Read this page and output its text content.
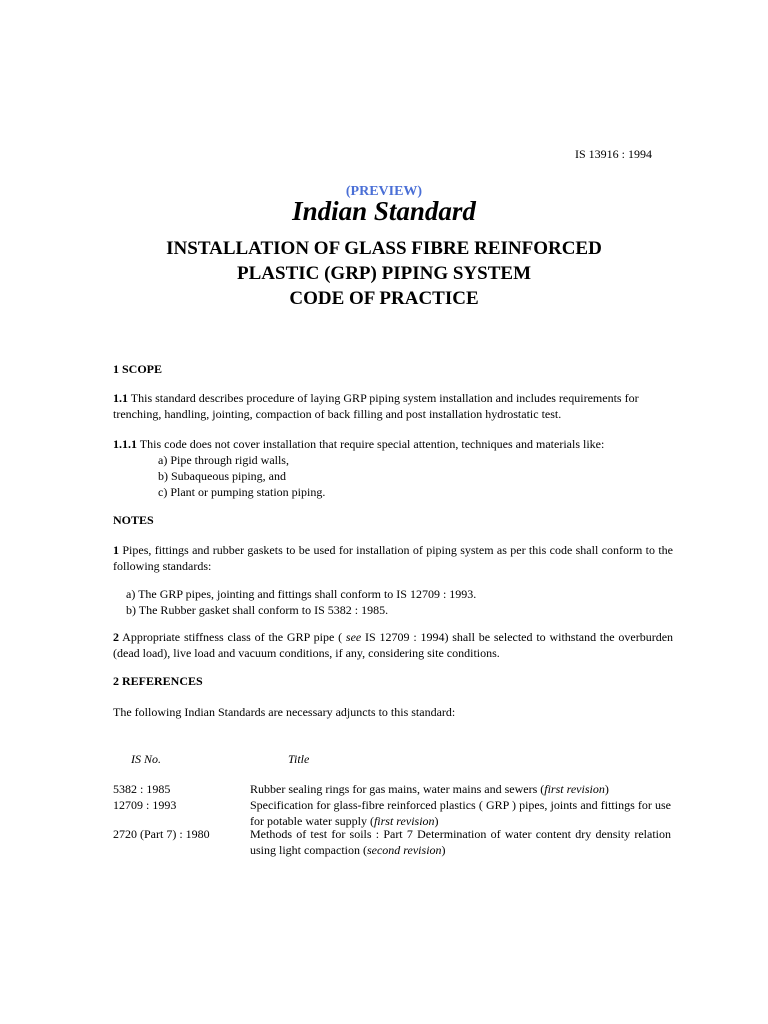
IS 13916 : 1994
(PREVIEW)
Indian Standard
INSTALLATION OF GLASS FIBRE REINFORCED
PLASTIC (GRP) PIPING SYSTEM
CODE OF PRACTICE
1 SCOPE
1.1 This standard describes procedure of laying GRP piping system installation and includes requirements for trenching, handling, jointing, compaction of back filling and post installation hydrostatic test.
1.1.1 This code does not cover installation that require special attention, techniques and materials like:
a) Pipe through rigid walls,
b) Subaqueous piping, and
c) Plant or pumping station piping.
NOTES
1 Pipes, fittings and rubber gaskets to be used for installation of piping system as per this code shall conform to the following standards:
a) The GRP pipes, jointing and fittings shall conform to IS 12709 : 1993.
b) The Rubber gasket shall conform to IS 5382 : 1985.
2 Appropriate stiffness class of the GRP pipe ( see IS 12709 : 1994) shall be selected to withstand the overburden (dead load), live load and vacuum conditions, if any, considering site conditions.
2 REFERENCES
The following Indian Standards are necessary adjuncts to this standard:
IS No.	Title
5382 : 1985	Rubber sealing rings for gas mains, water mains and sewers (first revision)
12709 : 1993	Specification for glass-fibre reinforced plastics ( GRP ) pipes, joints and fittings for use for potable water supply (first revision)
2720 (Part 7) : 1980	Methods of test for soils : Part 7 Determination of water content dry density relation using light compaction (second revision)
